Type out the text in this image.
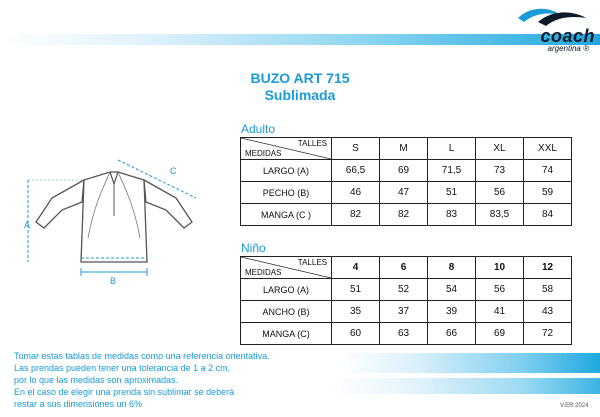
coach
argentina ®
BUZO ART 715
Sublimada
A
B
C
Adulto
TALLES
MEDIDAS	S	M	L	XL	XXL
LARGO (A)	66,5	69	71,5	73	74
PECHO (B)	46	47	51	56	59
MANGA (C )	82	82	83	83,5	84
Niño
TALLES
MEDIDAS	4	6	8	10	12
LARGO (A)	51	52	54	56	58
ANCHO (B)	35	37	39	41	43
MANGA (C)	60	63	66	69	72
Tomar estas tablas de medidas como una referencia orientativa.
Las prendas pueden tener una tolerancia de 1 a 2 cm,
por lo que las medidas son aproximadas.
En el caso de elegir una prenda sin sublimar se deberá
restar a sus dimensiones un 6%	V.ER 2024
